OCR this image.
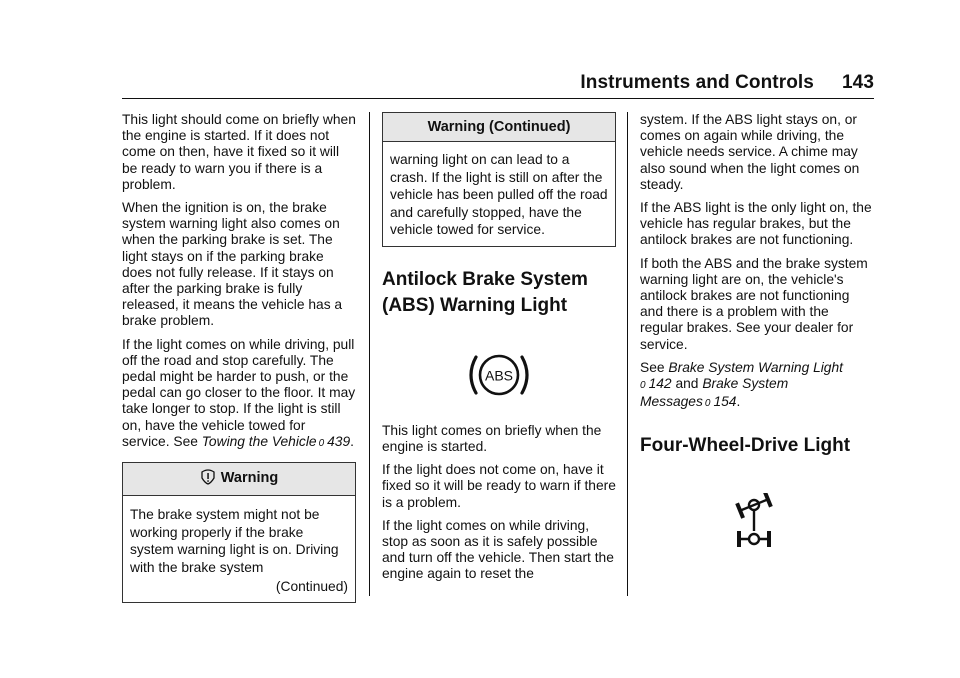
Instruments and Controls 143

This light should come on briefly when the engine is started. If it does not come on then, have it fixed so it will be ready to warn you if there is a problem.

When the ignition is on, the brake system warning light also comes on when the parking brake is set. The light stays on if the parking brake does not fully release. If it stays on after the parking brake is fully released, it means the vehicle has a brake problem.

If the light comes on while driving, pull off the road and stop carefully. The pedal might be harder to push, or the pedal can go closer to the floor. It may take longer to stop. If the light is still on, have the vehicle towed for service. See Towing the Vehicle 0 439.

Warning
The brake system might not be working properly if the brake system warning light is on. Driving with the brake system
(Continued)
Warning (Continued)
warning light on can lead to a crash. If the light is still on after the vehicle has been pulled off the road and carefully stopped, have the vehicle towed for service.
Antilock Brake System
(ABS) Warning Light
ABS

This light comes on briefly when the engine is started.

If the light does not come on, have it fixed so it will be ready to warn if there is a problem.

If the light comes on while driving, stop as soon as it is safely possible and turn off the vehicle. Then start the engine again to reset the

system. If the ABS light stays on, or comes on again while driving, the vehicle needs service. A chime may also sound when the light comes on steady.

If the ABS light is the only light on, the vehicle has regular brakes, but the antilock brakes are not functioning.

If both the ABS and the brake system warning light are on, the vehicle's antilock brakes are not functioning and there is a problem with the regular brakes. See your dealer for service.

See Brake System Warning Light
0 142 and Brake System Messages 0 154.

Four-Wheel-Drive Light
